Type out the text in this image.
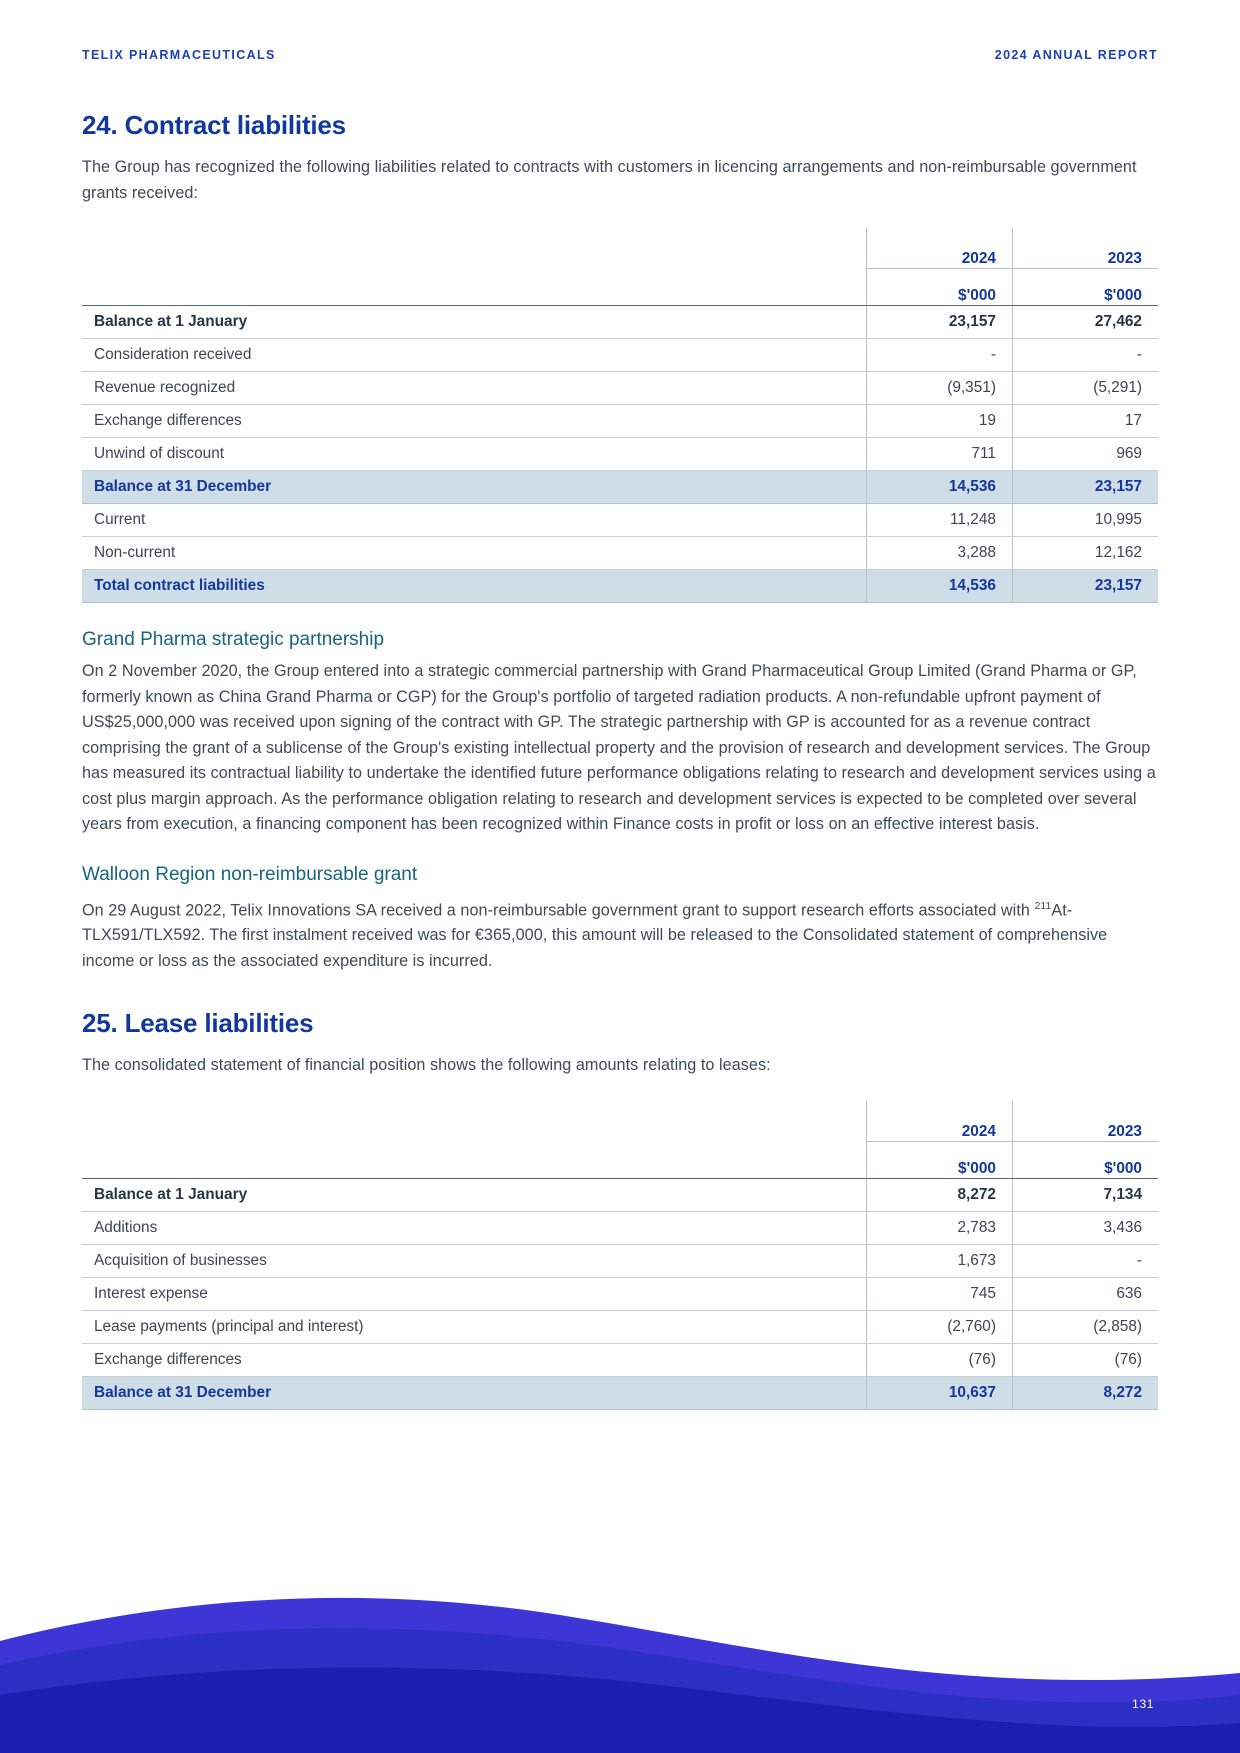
TELIX PHARMACEUTICALS	2024 ANNUAL REPORT
24. Contract liabilities

The Group has recognized the following liabilities related to contracts with customers in licencing arrangements and non-reimbursable government grants received:

	2024	2023
	$'000	$'000
Balance at 1 January	23,157	27,462
Consideration received	-	-
Revenue recognized	(9,351)	(5,291)
Exchange differences	19	17
Unwind of discount	711	969
Balance at 31 December	14,536	23,157
Current	11,248	10,995
Non-current	3,288	12,162
Total contract liabilities	14,536	23,157
Grand Pharma strategic partnership

On 2 November 2020, the Group entered into a strategic commercial partnership with Grand Pharmaceutical Group Limited (Grand Pharma or GP, formerly known as China Grand Pharma or CGP) for the Group's portfolio of targeted radiation products. A non-refundable upfront payment of US$25,000,000 was received upon signing of the contract with GP. The strategic partnership with GP is accounted for as a revenue contract comprising the grant of a sublicense of the Group's existing intellectual property and the provision of research and development services. The Group has measured its contractual liability to undertake the identified future performance obligations relating to research and development services using a cost plus margin approach. As the performance obligation relating to research and development services is expected to be completed over several years from execution, a financing component has been recognized within Finance costs in profit or loss on an effective interest basis.

Walloon Region non-reimbursable grant

On 29 August 2022, Telix Innovations SA received a non-reimbursable government grant to support research efforts associated with $^{211}$At-TLX591/TLX592. The first instalment received was for €365,000, this amount will be released to the Consolidated statement of comprehensive income or loss as the associated expenditure is incurred.

25. Lease liabilities

The consolidated statement of financial position shows the following amounts relating to leases:

	2024	2023
	$'000	$'000
Balance at 1 January	8,272	7,134
Additions	2,783	3,436
Acquisition of businesses	1,673	-
Interest expense	745	636
Lease payments (principal and interest)	(2,760)	(2,858)
Exchange differences	(76)	(76)
Balance at 31 December	10,637	8,272
131
